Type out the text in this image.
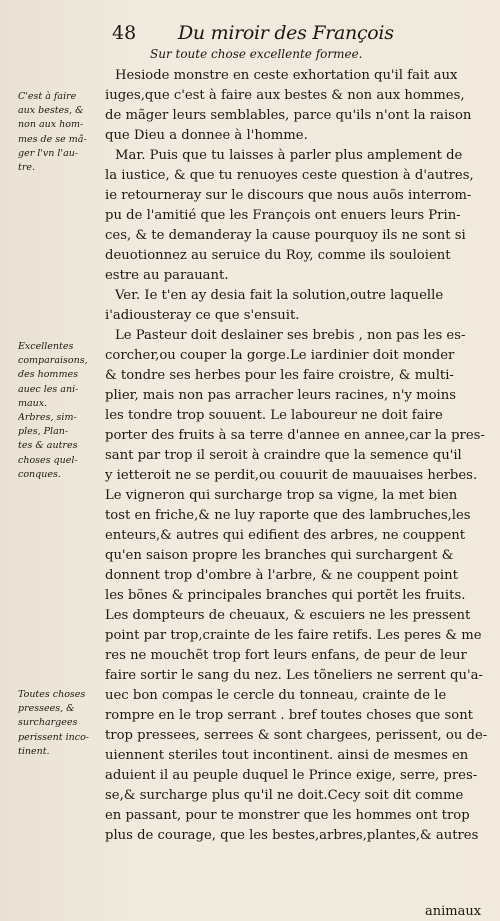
48 Du miroir des François
Sur toute chose excellente formee.
Hesiode monstre en ceste exhortation qu'il fait aux
iuges,que c'est à faire aux bestes & non aux hommes,
de mãger leurs semblables, parce qu'ils n'ont la raison
que Dieu a donnee à l'homme.
Mar. Puis que tu laisses à parler plus amplement de
la iustice, & que tu renuoyes ceste question à d'autres,
ie retourneray sur le discours que nous auõs interrom-
pu de l'amitié que les François ont enuers leurs Prin-
ces, & te demanderay la cause pourquoy ils ne sont si
deuotionnez au seruice du Roy, comme ils souloient
estre au parauant.
Ver. Ie t'en ay desia fait la solution,outre laquelle
i'adiousteray ce que s'ensuit.
Le Pasteur doit deslainer ses brebis , non pas les es-
corcher,ou couper la gorge.Le iardinier doit monder
& tondre ses herbes pour les faire croistre, & multi-
plier, mais non pas arracher leurs racines, n'y moins
les tondre trop souuent. Le laboureur ne doit faire
porter des fruits à sa terre d'annee en annee,car la pres-
sant par trop il seroit à craindre que la semence qu'il
y ietteroit ne se perdit,ou couurit de mauuaises herbes.
Le vigneron qui surcharge trop sa vigne, la met bien
tost en friche,& ne luy raporte que des lambruches,les
enteurs,& autres qui edifient des arbres, ne couppent
qu'en saison propre les branches qui surchargent &
donnent trop d'ombre à l'arbre, & ne couppent point
les bõnes & principales branches qui portẽt les fruits.
Les dompteurs de cheuaux, & escuiers ne les pressent
point par trop,crainte de les faire retifs. Les peres & me
res ne mouchẽt trop fort leurs enfans, de peur de leur
faire sortir le sang du nez. Les tõneliers ne serrent qu'a-
uec bon compas le cercle du tonneau, crainte de le
rompre en le trop serrant . bref toutes choses que sont
trop pressees, serrees & sont chargees, perissent, ou de-
uiennent steriles tout incontinent. ainsi de mesmes en
aduient il au peuple duquel le Prince exige, serre, pres-
se,& surcharge plus qu'il ne doit.Cecy soit dit comme
en passant, pour te monstrer que les hommes ont trop
plus de courage, que les bestes,arbres,plantes,& autres
C'est à faire
aux bestes, &
non aux hom-
mes de se mã-
ger l'vn l'au-
tre.
Excellentes
comparaisons,
des hommes
auec les ani-
maux.
Arbres, sim-
ples, Plan-
tes & autres
choses quel-
conques.
Toutes choses
pressees, &
surchargees
perissent inco-
tinent.
animaux
